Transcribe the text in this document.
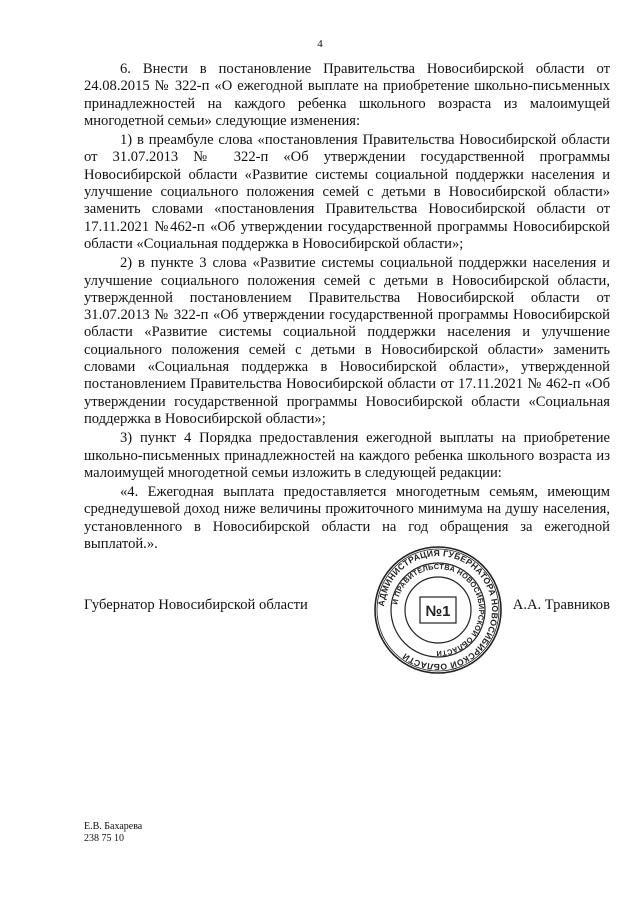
4

6. Внести в постановление Правительства Новосибирской области от 24.08.2015 № 322-п «О ежегодной выплате на приобретение школьно-письменных принадлежностей на каждого ребенка школьного возраста из малоимущей многодетной семьи» следующие изменения:

1) в преамбуле слова «постановления Правительства Новосибирской области от 31.07.2013 № 322-п «Об утверждении государственной программы Новосибирской области «Развитие системы социальной поддержки населения и улучшение социального положения семей с детьми в Новосибирской области» заменить словами «постановления Правительства Новосибирской области от 17.11.2021 №462-п «Об утверждении государственной программы Новосибирской области «Социальная поддержка в Новосибирской области»;

2) в пункте 3 слова «Развитие системы социальной поддержки населения и улучшение социального положения семей с детьми в Новосибирской области, утвержденной постановлением Правительства Новосибирской области от 31.07.2013 № 322-п «Об утверждении государственной программы Новосибирской области «Развитие системы социальной поддержки населения и улучшение социального положения семей с детьми в Новосибирской области» заменить словами «Социальная поддержка в Новосибирской области», утвержденной постановлением Правительства Новосибирской области от 17.11.2021 № 462-п «Об утверждении государственной программы Новосибирской области «Социальная поддержка в Новосибирской области»;

3) пункт 4 Порядка предоставления ежегодной выплаты на приобретение школьно-письменных принадлежностей на каждого ребенка школьного возраста из малоимущей многодетной семьи изложить в следующей редакции:

«4. Ежегодная выплата предоставляется многодетным семьям, имеющим среднедушевой доход ниже величины прожиточного минимума на душу населения, установленного в Новосибирской области на год обращения за ежегодной выплатой.».

АДМИНИСТРАЦИЯ ГУБЕРНАТОРА НОВОСИБИРСКОЙ ОБЛАСТИ
И ПРАВИТЕЛЬСТВА НОВОСИБИРСКОЙ ОБЛАСТИ
№1
Губернатор Новосибирской области	А.А. Травников
Е.В. Бахарева
238 75 10
